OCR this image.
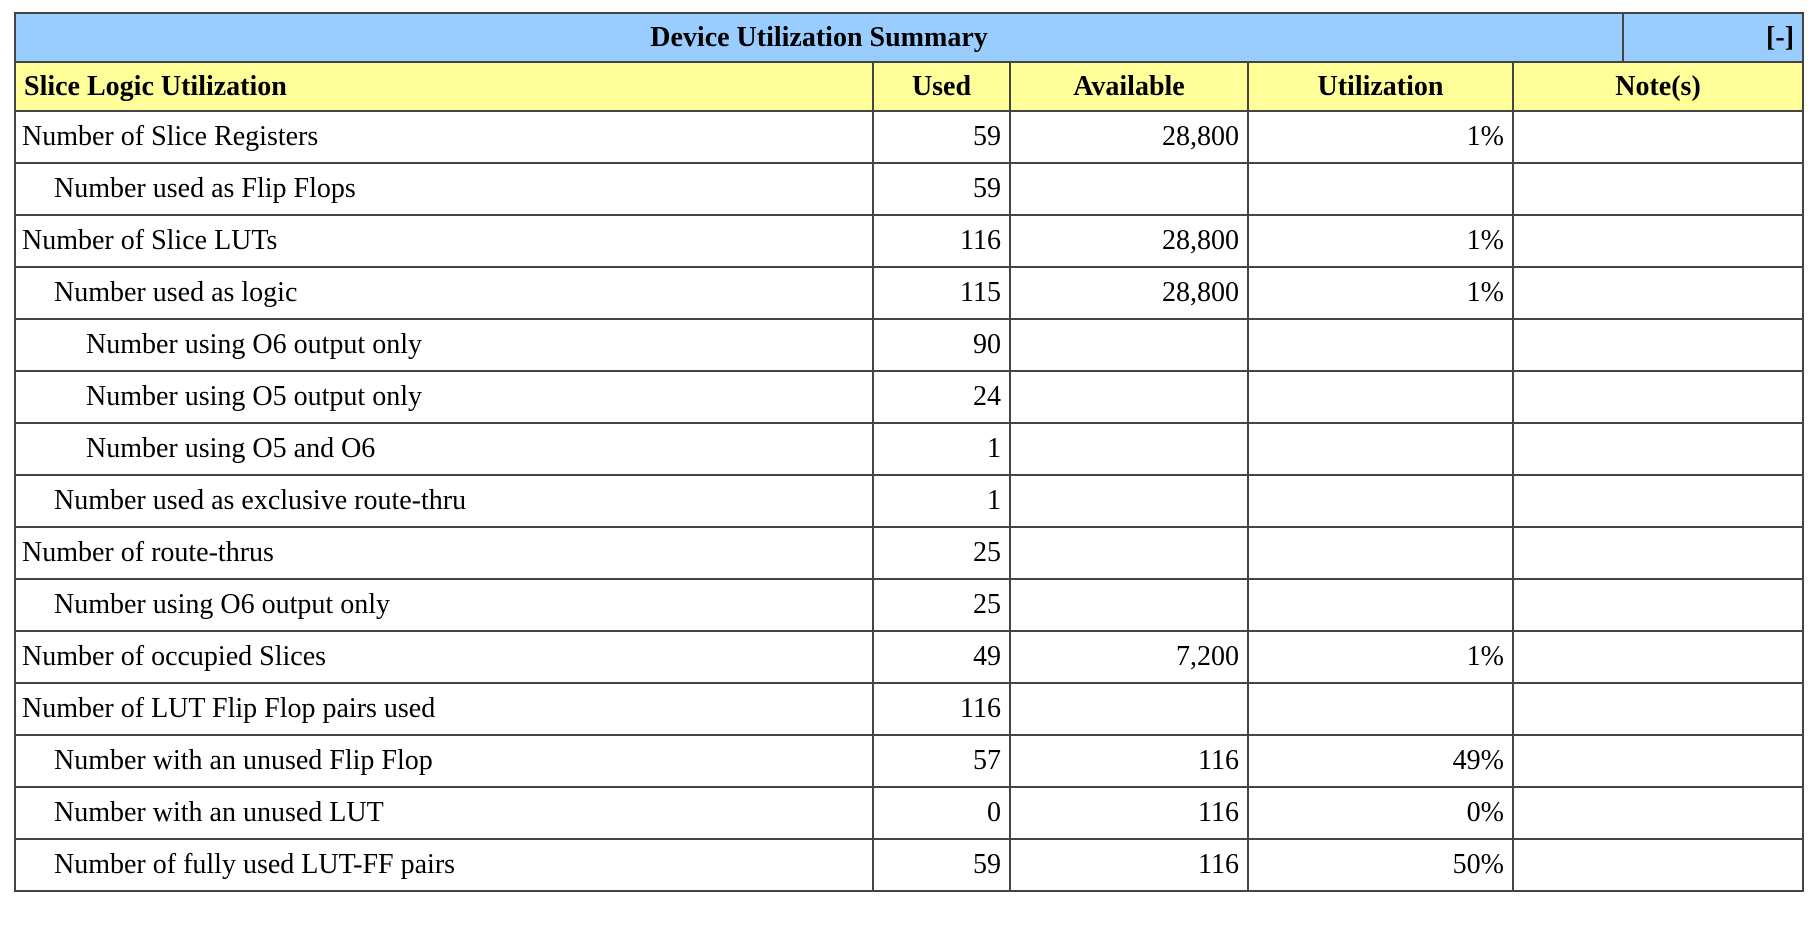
Device Utilization Summary					[-]
Slice Logic Utilization	Used	Available	Utilization	Note(s)	
Number of Slice Registers	59	28,800	1%		
Number used as Flip Flops	59				
Number of Slice LUTs	116	28,800	1%		
Number used as logic	115	28,800	1%		
Number using O6 output only	90				
Number using O5 output only	24				
Number using O5 and O6	1				
Number used as exclusive route-thru	1				
Number of route-thrus	25				
Number using O6 output only	25				
Number of occupied Slices	49	7,200	1%		
Number of LUT Flip Flop pairs used	116				
Number with an unused Flip Flop	57	116	49%		
Number with an unused LUT	0	116	0%		
Number of fully used LUT-FF pairs	59	116	50%		
